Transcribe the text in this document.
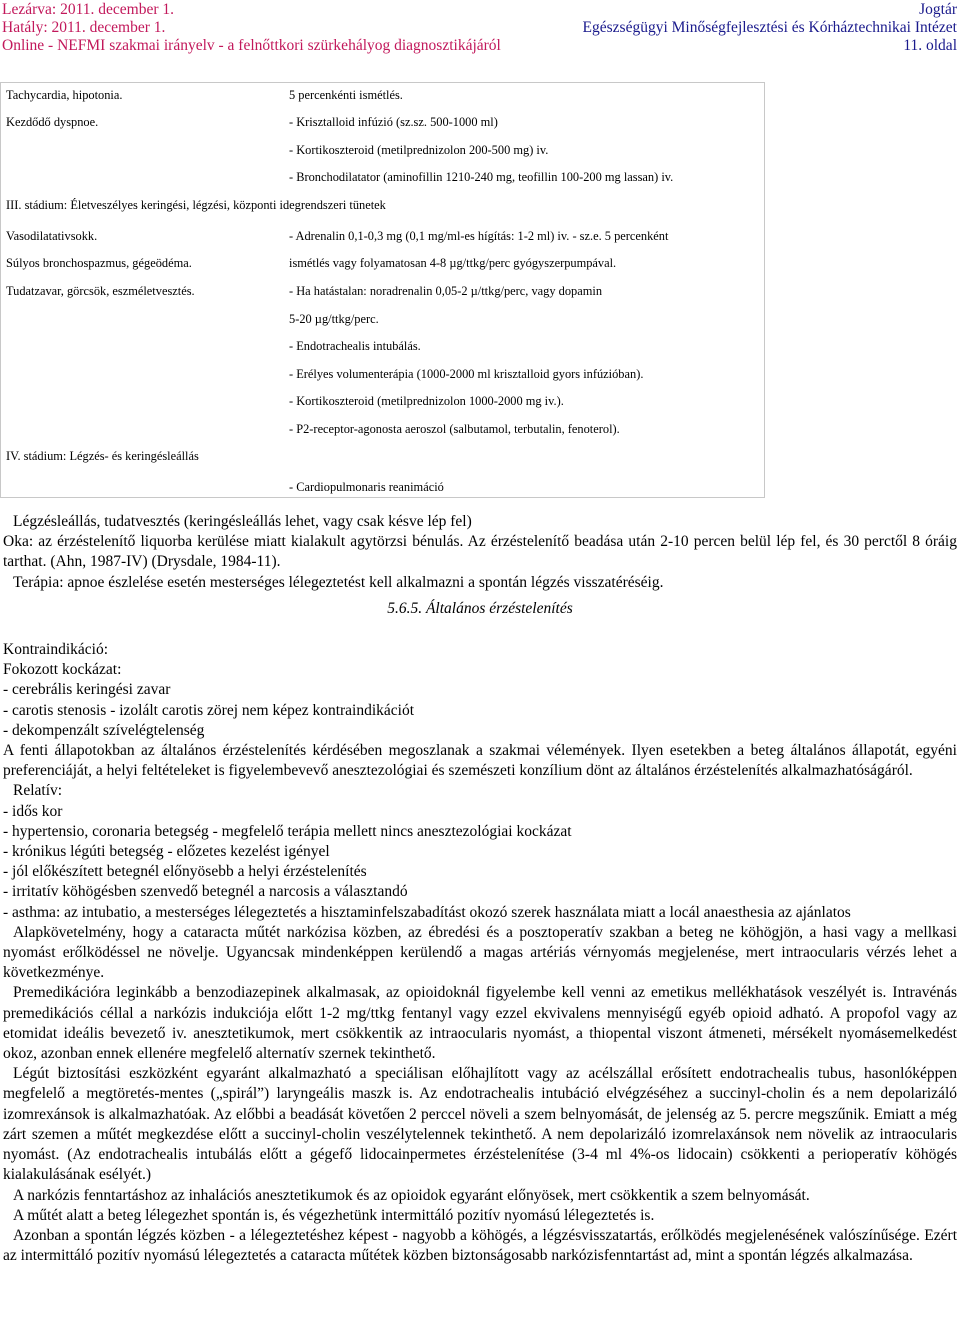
Lezárva: 2011. december 1.
Hatály: 2011. december 1.
Online - NEFMI szakmai irányelv - a felnőttkori szürkehályog diagnosztikájáról
Jogtár
Egészségügyi Minőségfejlesztési és Kórháztechnikai Intézet
11. oldal
Tachycardia, hipotonia.
Kezdődő dyspnoe.
5 percenkénti ismétlés.
- Krisztalloid infúzió (sz.sz. 500-1000 ml)
- Kortikoszteroid (metilprednizolon 200-500 mg) iv.
- Bronchodilatator (aminofillin 1210-240 mg, teofillin 100-200 mg lassan) iv.
III. stádium: Életveszélyes keringési, légzési, központi idegrendszeri tünetek
Vasodilatativsokk.
Súlyos bronchospazmus, gégeödéma.
Tudatzavar, görcsök, eszméletvesztés.
- Adrenalin 0,1-0,3 mg (0,1 mg/ml-es hígítás: 1-2 ml) iv. - sz.e. 5 percenként
ismétlés vagy folyamatosan 4-8 µg/ttkg/perc gyógyszerpumpával.
- Ha hatástalan: noradrenalin 0,05-2 µ/ttkg/perc, vagy dopamin
5-20 µg/ttkg/perc.
- Endotrachealis intubálás.
- Erélyes volumenterápia (1000-2000 ml krisztalloid gyors infúzióban).
- Kortikoszteroid (metilprednizolon 1000-2000 mg iv.).
- P2-receptor-agonosta aeroszol (salbutamol, terbutalin, fenoterol).
IV. stádium: Légzés- és keringésleállás
- Cardiopulmonaris reanimáció

Légzésleállás, tudatvesztés (keringésleállás lehet, vagy csak késve lép fel)

Oka: az érzéstelenítő liquorba kerülése miatt kialakult agytörzsi bénulás. Az érzéstelenítő beadása után 2-10 percen belül lép fel, és 30 perctől 8 óráig tarthat. (Ahn, 1987-IV) (Drysdale, 1984-11).

Terápia: apnoe észlelése esetén mesterséges lélegeztetést kell alkalmazni a spontán légzés visszatéréséig.

5.6.5. Általános érzéstelenítés

Kontraindikáció:

Fokozott kockázat:

- cerebrális keringési zavar

- carotis stenosis - izolált carotis zörej nem képez kontraindikációt

- dekompenzált szívelégtelenség

A fenti állapotokban az általános érzéstelenítés kérdésében megoszlanak a szakmai vélemények. Ilyen esetekben a beteg általános állapotát, egyéni preferenciáját, a helyi feltételeket is figyelembevevő anesztezológiai és szemészeti konzílium dönt az általános érzéstelenítés alkalmazhatóságáról.

Relatív:

- idős kor

- hypertensio, coronaria betegség - megfelelő terápia mellett nincs anesztezológiai kockázat

- krónikus légúti betegség - előzetes kezelést igényel

- jól előkészített betegnél előnyösebb a helyi érzéstelenítés

- irritatív köhögésben szenvedő betegnél a narcosis a választandó

- asthma: az intubatio, a mesterséges lélegeztetés a hisztaminfelszabadítást okozó szerek használata miatt a locál anaesthesia az ajánlatos

Alapkövetelmény, hogy a cataracta műtét narkózisa közben, az ébredési és a posztoperatív szakban a beteg ne köhögjön, a hasi vagy a mellkasi nyomást erőlködéssel ne növelje. Ugyancsak mindenképpen kerülendő a magas artériás vérnyomás megjelenése, mert intraocularis vérzés lehet a következménye.

Premedikációra leginkább a benzodiazepinek alkalmasak, az opioidoknál figyelembe kell venni az emetikus mellékhatások veszélyét is. Intravénás premedikációs céllal a narkózis indukciója előtt 1-2 mg/ttkg fentanyl vagy ezzel ekvivalens mennyiségű egyéb opioid adható. A propofol vagy az etomidat ideális bevezető iv. anesztetikumok, mert csökkentik az intraocularis nyomást, a thiopental viszont átmeneti, mérsékelt nyomásemelkedést okoz, azonban ennek ellenére megfelelő alternatív szernek tekinthető.

Légút biztosítási eszközként egyaránt alkalmazható a speciálisan előhajlított vagy az acélszállal erősített endotrachealis tubus, hasonlóképpen megfelelő a megtöretés-mentes („spirál”) laryngeális maszk is. Az endotrachealis intubáció elvégzéséhez a succinyl-cholin és a nem depolarizáló izomrexánsok is alkalmazhatóak. Az előbbi a beadását követően 2 perccel növeli a szem belnyomását, de jelenség az 5. percre megszűnik. Emiatt a még zárt szemen a műtét megkezdése előtt a succinyl-cholin veszélytelennek tekinthető. A nem depolarizáló izomrelaxánsok nem növelik az intraocularis nyomást. (Az endotrachealis intubálás előtt a gégefő lidocainpermetes érzéstelenítése (3-4 ml 4%-os lidocain) csökkenti a perioperatív köhögés kialakulásának esélyét.)

A narkózis fenntartáshoz az inhalációs anesztetikumok és az opioidok egyaránt előnyösek, mert csökkentik a szem belnyomását.

A műtét alatt a beteg lélegezhet spontán is, és végezhetünk intermittáló pozitív nyomású lélegeztetés is.

Azonban a spontán légzés közben - a lélegeztetéshez képest - nagyobb a köhögés, a légzésvisszatartás, erőlködés megjelenésének valószínűsége. Ezért az intermittáló pozitív nyomású lélegeztetés a cataracta műtétek közben biztonságosabb narkózisfenntartást ad, mint a spontán légzés alkalmazása.
